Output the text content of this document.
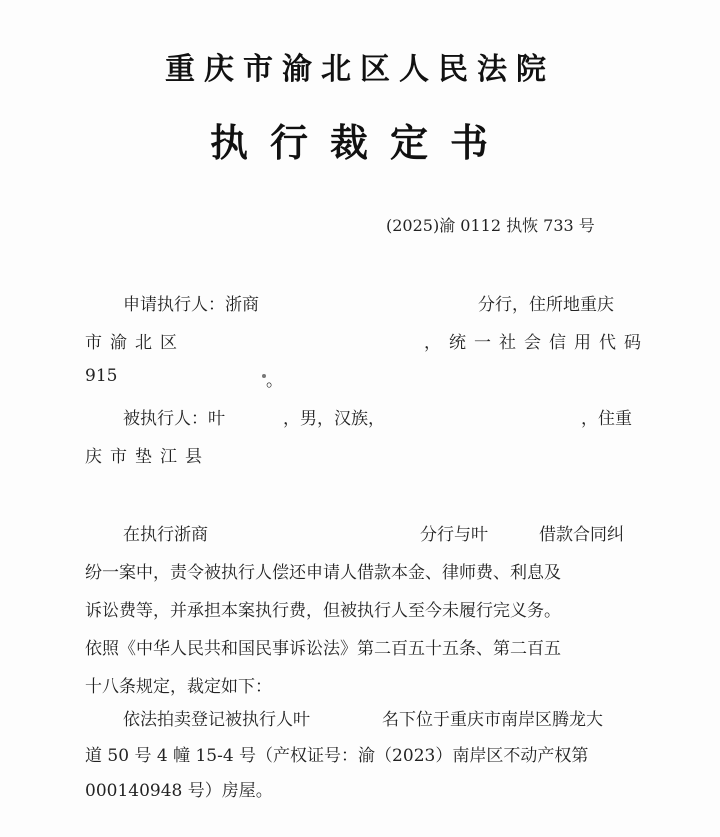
重庆市渝北区人民法院
执行裁定书
(2025)渝 0112 执恢 733 号
申请执行人：浙商	分行，住所地重庆
市渝北区	，统一社会信用代码
915	。
被执行人：叶	，男，汉族，	，住重
庆市垫江县
在执行浙商	分行与叶	借款合同纠
纷一案中，责令被执行人偿还申请人借款本金、律师费、利息及
诉讼费等，并承担本案执行费，但被执行人至今未履行完义务。
依照《中华人民共和国民事诉讼法》第二百五十五条、第二百五
十八条规定，裁定如下：
依法拍卖登记被执行人叶	名下位于重庆市南岸区腾龙大
道 50 号 4 幢 15-4 号（产权证号：渝（2023）南岸区不动产权第
000140948 号）房屋。
